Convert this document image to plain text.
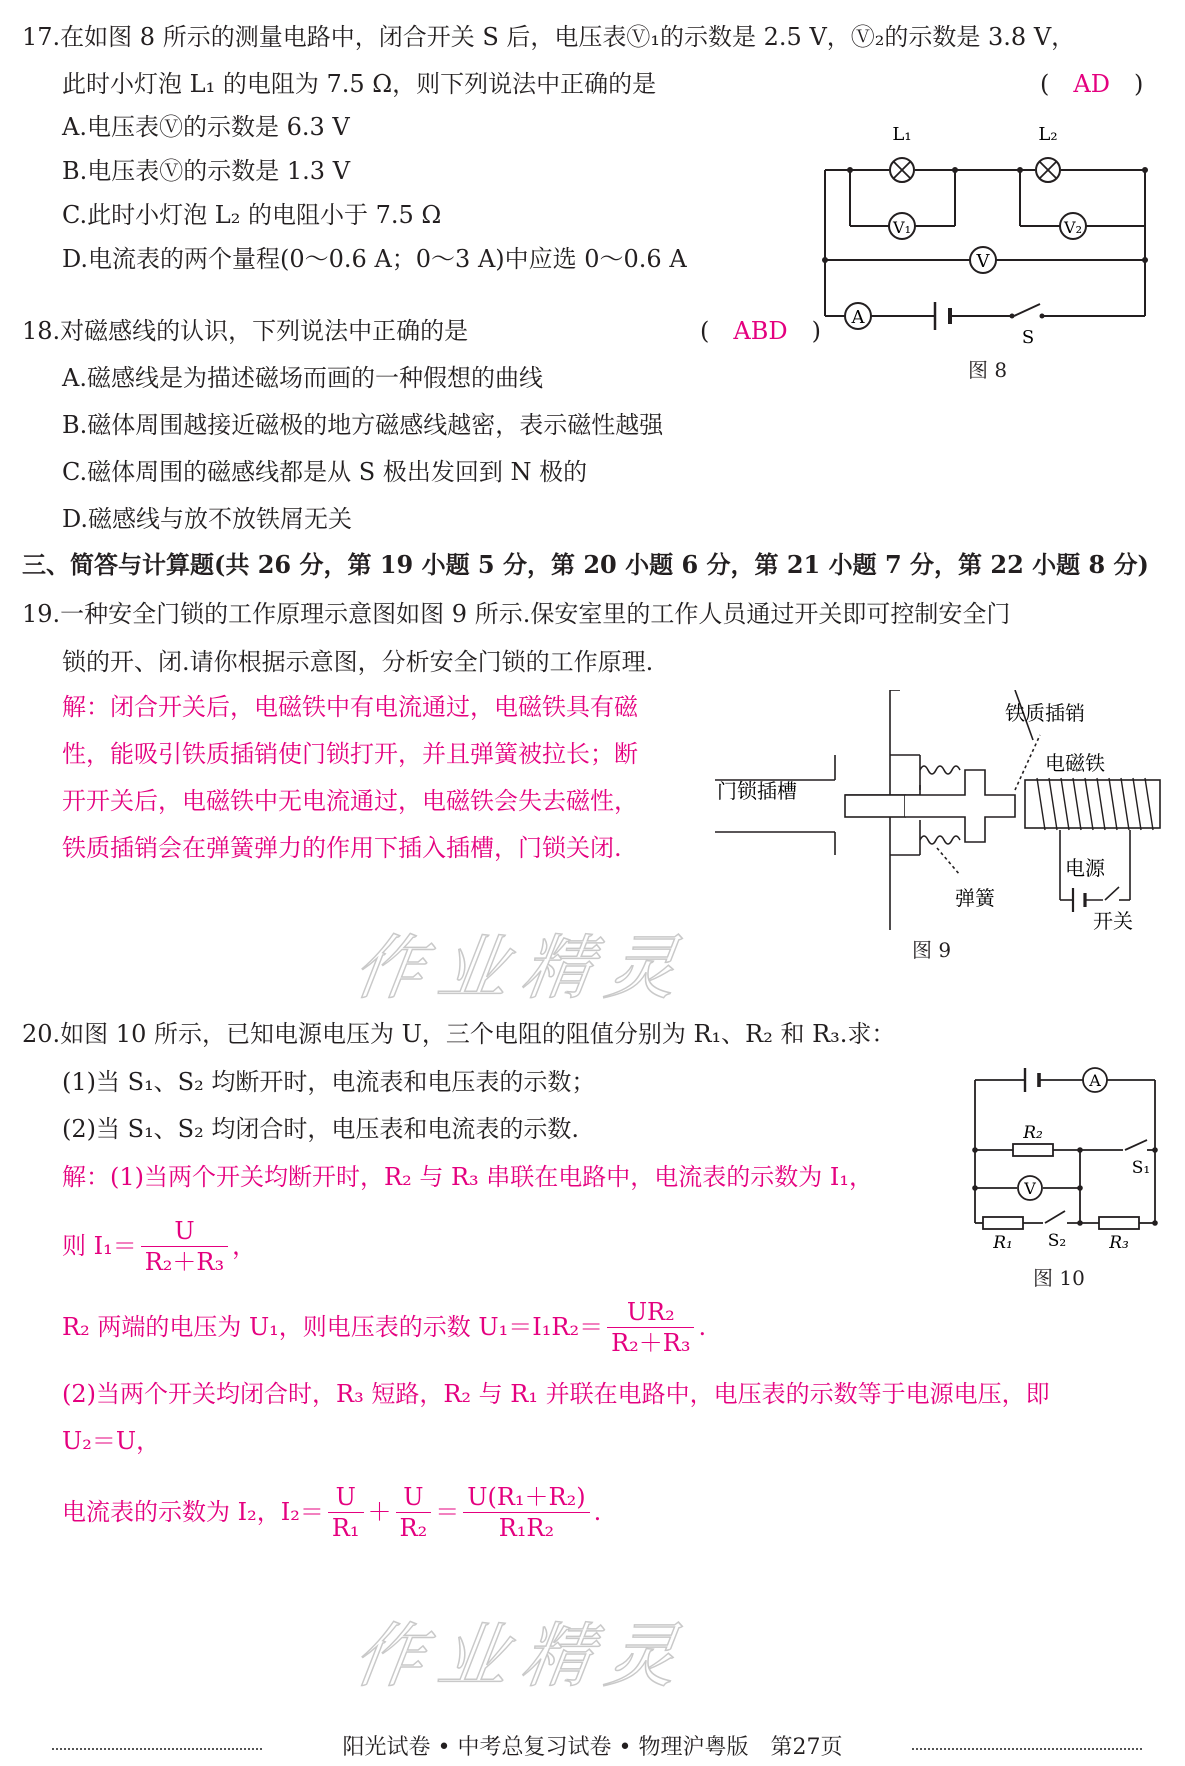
17.在如图 8 所示的测量电路中，闭合开关 S 后，电压表Ⓥ₁的示数是 2.5 V，Ⓥ₂的示数是 3.8 V，
此时小灯泡 L₁ 的电阻为 7.5 Ω，则下列说法中正确的是	(　AD　)
A.电压表Ⓥ的示数是 6.3 V
B.电压表Ⓥ的示数是 1.3 V
C.此时小灯泡 L₂ 的电阻小于 7.5 Ω
D.电流表的两个量程(0～0.6 A；0～3 A)中应选 0～0.6 A
V₁	V₂
V
A
L₁	L₂
S
图 8
18.对磁感线的认识，下列说法中正确的是	(　ABD　)
A.磁感线是为描述磁场而画的一种假想的曲线
B.磁体周围越接近磁极的地方磁感线越密，表示磁性越强
C.磁体周围的磁感线都是从 S 极出发回到 N 极的
D.磁感线与放不放铁屑无关
三、简答与计算题(共 26 分，第 19 小题 5 分，第 20 小题 6 分，第 21 小题 7 分，第 22 小题 8 分)
19.一种安全门锁的工作原理示意图如图 9 所示.保安室里的工作人员通过开关即可控制安全门
锁的开、闭.请你根据示意图，分析安全门锁的工作原理.
解：闭合开关后，电磁铁中有电流通过，电磁铁具有磁
性，能吸引铁质插销使门锁打开，并且弹簧被拉长；断
开开关后，电磁铁中无电流通过，电磁铁会失去磁性，
铁质插销会在弹簧弹力的作用下插入插槽，门锁关闭.
门锁插槽
铁质插销
电磁铁
电源
弹簧
开关
图 9
作业精灵
20.如图 10 所示，已知电源电压为 U，三个电阻的阻值分别为 R₁、R₂ 和 R₃.求：
(1)当 S₁、S₂ 均断开时，电流表和电压表的示数；
(2)当 S₁、S₂ 均闭合时，电压表和电流表的示数.
解：(1)当两个开关均断开时，R₂ 与 R₃ 串联在电路中，电流表的示数为 I₁，
则 $I_1= \frac{U}{\text{R₂＋R₃}}$ ，
R₂ 两端的电压为 U₁，则电压表的示数 $U_1=I_1R_2= \frac{\text{UR₂}}{\text{R₂＋R₃}}$ .
(2)当两个开关均闭合时，R₃ 短路，R₂ 与 R₁ 并联在电路中，电压表的示数等于电源电压，即
U₂＝U，
电流表的示数为 I₂，$I_2= \frac{U}{\text{R₁}} + \frac{U}{\text{R₂}} = \frac{\text{U(R₁＋R₂)}}{\text{R₁R₂}}$ .
A
V
R₂
R₁	R₃
S₁
S₂
图 10
作业精灵
阳光试卷 • 中考总复习试卷 • 物理沪粤版　第27页
